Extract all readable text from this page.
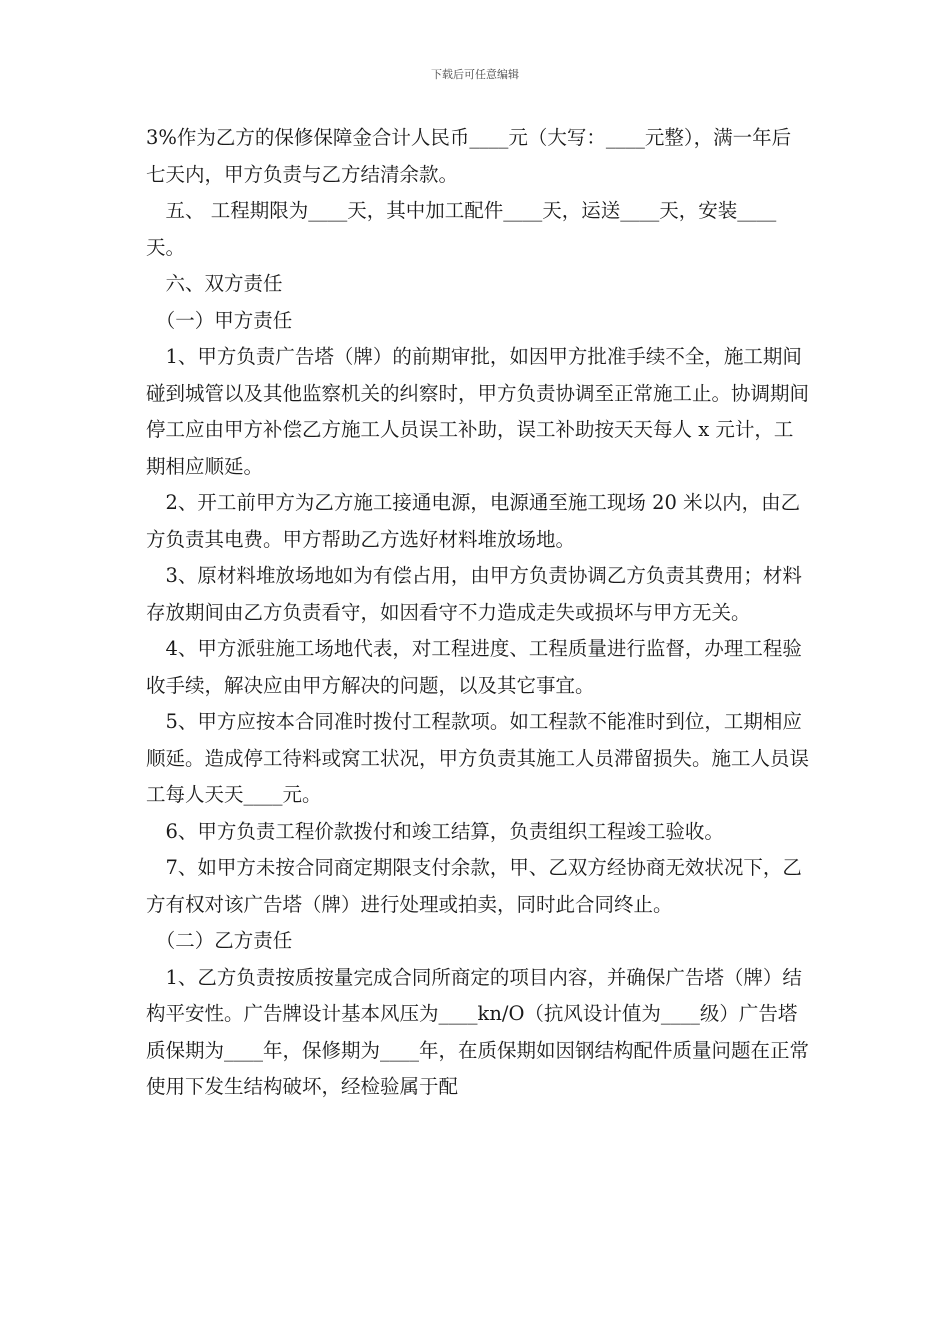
下载后可任意编辑

3%作为乙方的保修保障金合计人民币____元（大写：____元整），满一年后七天内，甲方负责与乙方结清余款。

　五、 工程期限为____天，其中加工配件____天，运送____天，安装____天。

　六、双方责任

　（一）甲方责任

　1、甲方负责广告塔（牌）的前期审批，如因甲方批准手续不全，施工期间碰到城管以及其他监察机关的纠察时，甲方负责协调至正常施工止。协调期间停工应由甲方补偿乙方施工人员误工补助，误工补助按天天每人 x 元计，工期相应顺延。

　2、开工前甲方为乙方施工接通电源，电源通至施工现场 20 米以内，由乙方负责其电费。甲方帮助乙方选好材料堆放场地。

　3、原材料堆放场地如为有偿占用，由甲方负责协调乙方负责其费用；材料存放期间由乙方负责看守，如因看守不力造成走失或损坏与甲方无关。

　4、甲方派驻施工场地代表，对工程进度、工程质量进行监督，办理工程验收手续，解决应由甲方解决的问题，以及其它事宜。

　5、甲方应按本合同准时拨付工程款项。如工程款不能准时到位，工期相应顺延。造成停工待料或窝工状况，甲方负责其施工人员滞留损失。施工人员误工每人天天____元。

　6、甲方负责工程价款拨付和竣工结算，负责组织工程竣工验收。

　7、如甲方未按合同商定期限支付余款，甲、乙双方经协商无效状况下，乙方有权对该广告塔（牌）进行处理或拍卖，同时此合同终止。

　（二）乙方责任

　1、乙方负责按质按量完成合同所商定的项目内容，并确保广告塔（牌）结构平安性。广告牌设计基本风压为____kn/O（抗风设计值为____级）广告塔质保期为____年，保修期为____年，在质保期如因钢结构配件质量问题在正常使用下发生结构破坏，经检验属于配
